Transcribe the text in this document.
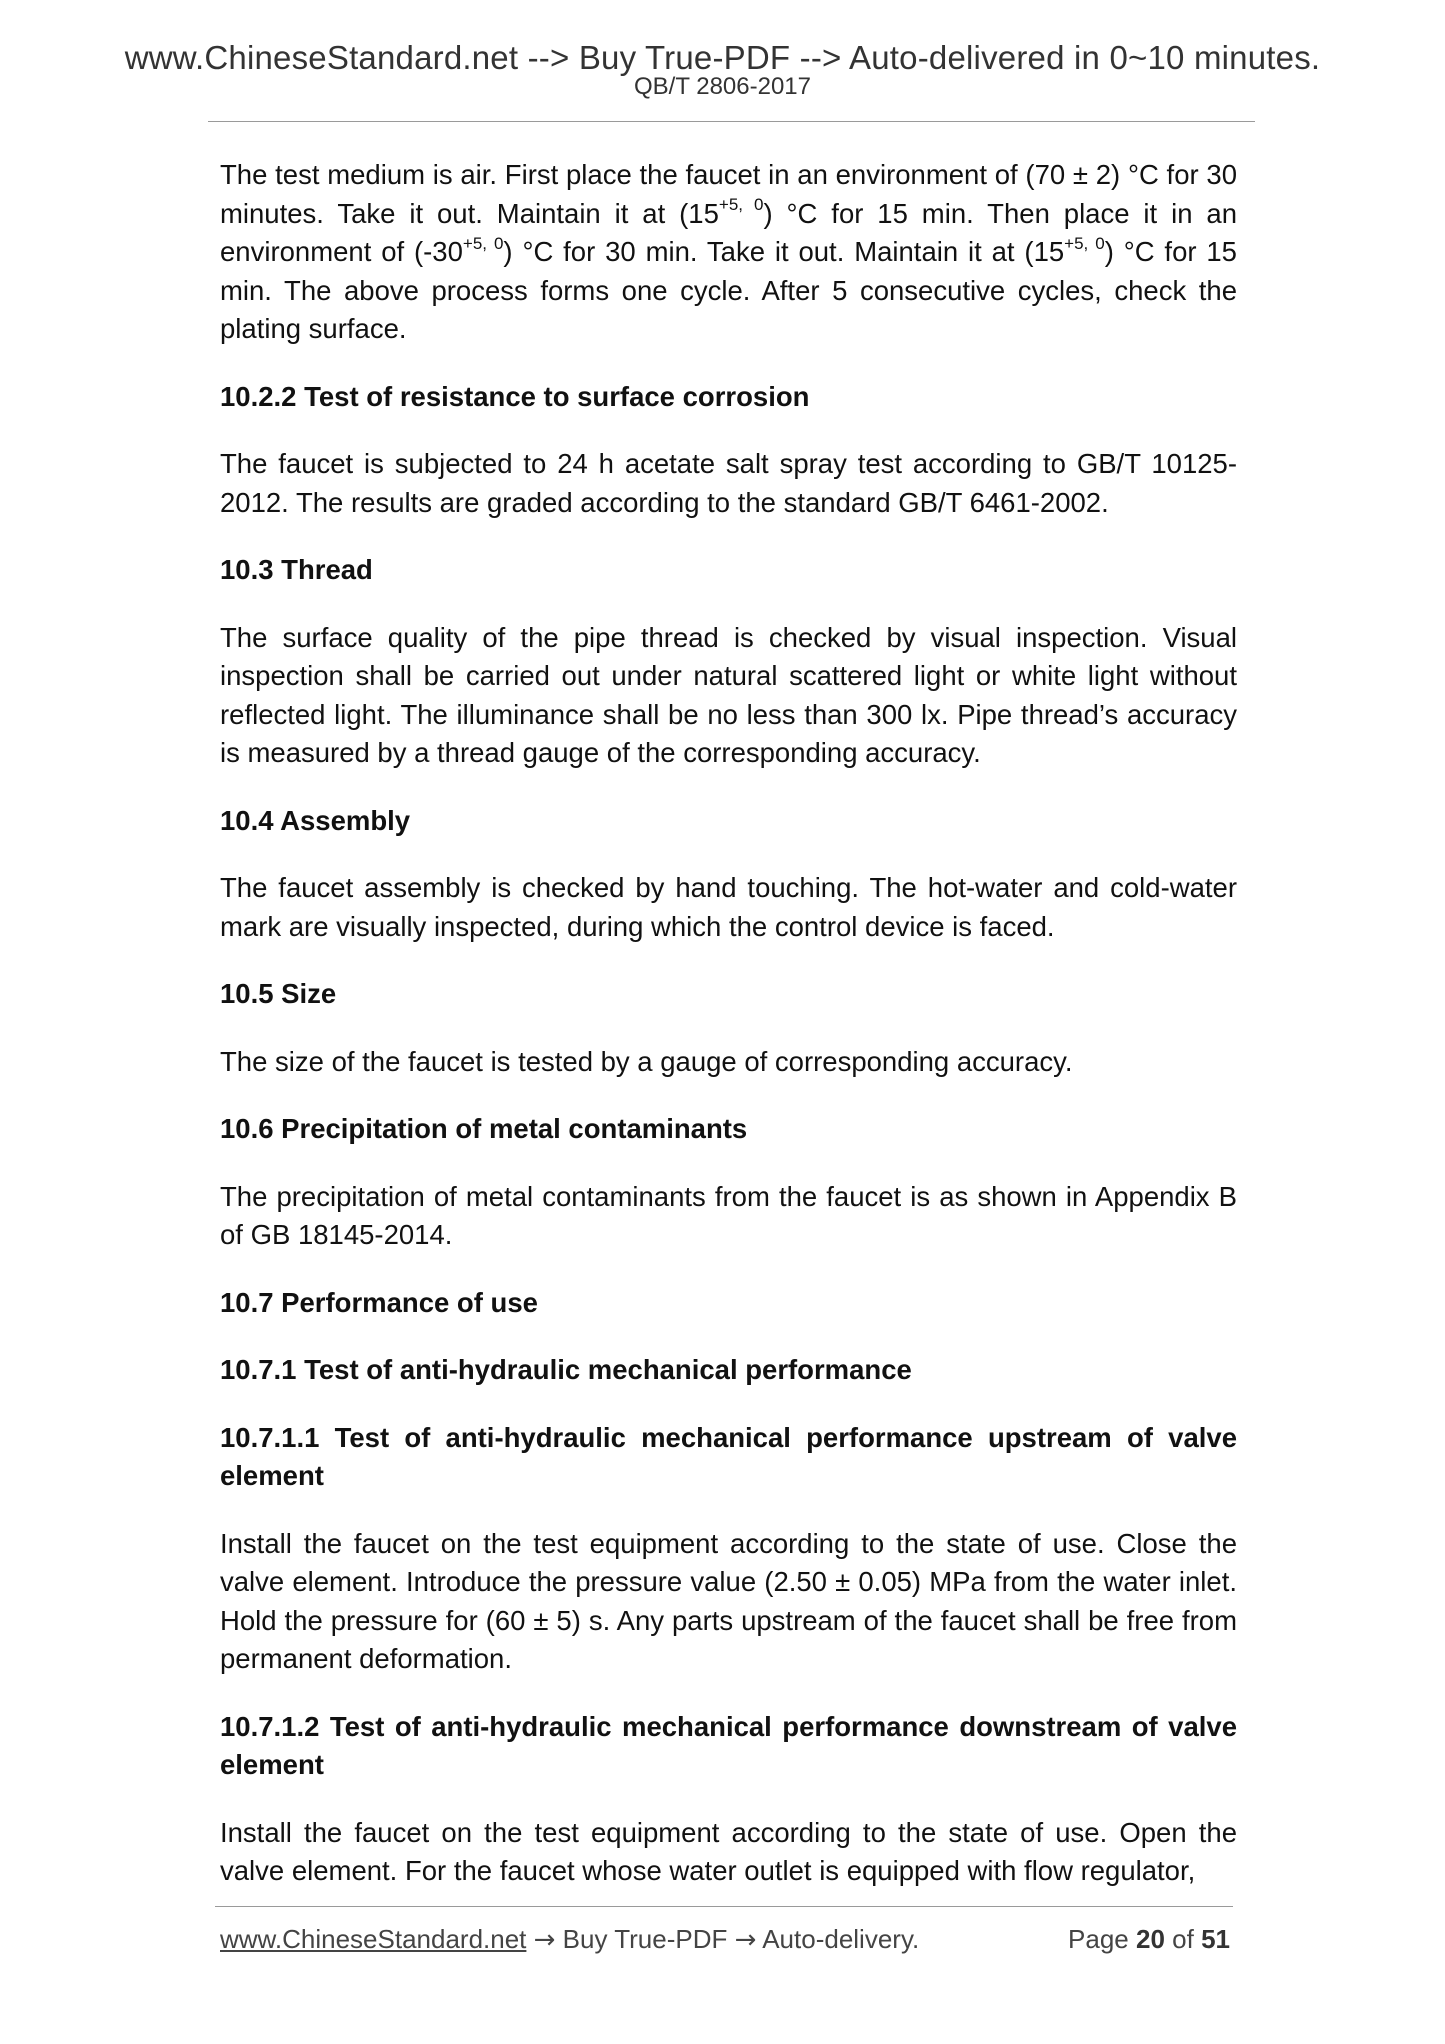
www.ChineseStandard.net --> Buy True-PDF --> Auto-delivered in 0~10 minutes.
QB/T 2806-2017

The test medium is air. First place the faucet in an environment of (70 ± 2) °C for 30 minutes. Take it out. Maintain it at $(15^{+5, 0})$ °C for 15 min. Then place it in an environment of $(-30^{+5, 0})$ °C for 30 min. Take it out. Maintain it at $(15^{+5, 0})$ °C for 15 min. The above process forms one cycle. After 5 consecutive cycles, check the plating surface.

10.2.2 Test of resistance to surface corrosion

The faucet is subjected to 24 h acetate salt spray test according to GB/T 10125-2012. The results are graded according to the standard GB/T 6461-2002.

10.3 Thread

The surface quality of the pipe thread is checked by visual inspection. Visual inspection shall be carried out under natural scattered light or white light without reflected light. The illuminance shall be no less than 300 lx. Pipe thread’s accuracy is measured by a thread gauge of the corresponding accuracy.

10.4 Assembly

The faucet assembly is checked by hand touching. The hot-water and cold-water mark are visually inspected, during which the control device is faced.

10.5 Size

The size of the faucet is tested by a gauge of corresponding accuracy.

10.6 Precipitation of metal contaminants

The precipitation of metal contaminants from the faucet is as shown in Appendix B of GB 18145-2014.

10.7 Performance of use
10.7.1 Test of anti-hydraulic mechanical performance
10.7.1.1 Test of anti-hydraulic mechanical performance upstream of valve element

Install the faucet on the test equipment according to the state of use. Close the valve element. Introduce the pressure value (2.50 ± 0.05) MPa from the water inlet. Hold the pressure for (60 ± 5) s. Any parts upstream of the faucet shall be free from permanent deformation.

10.7.1.2 Test of anti-hydraulic mechanical performance downstream of valve element

Install the faucet on the test equipment according to the state of use. Open the valve element. For the faucet whose water outlet is equipped with flow regulator,

www.ChineseStandard.net → Buy True-PDF → Auto-delivery.	Page 20 of 51
